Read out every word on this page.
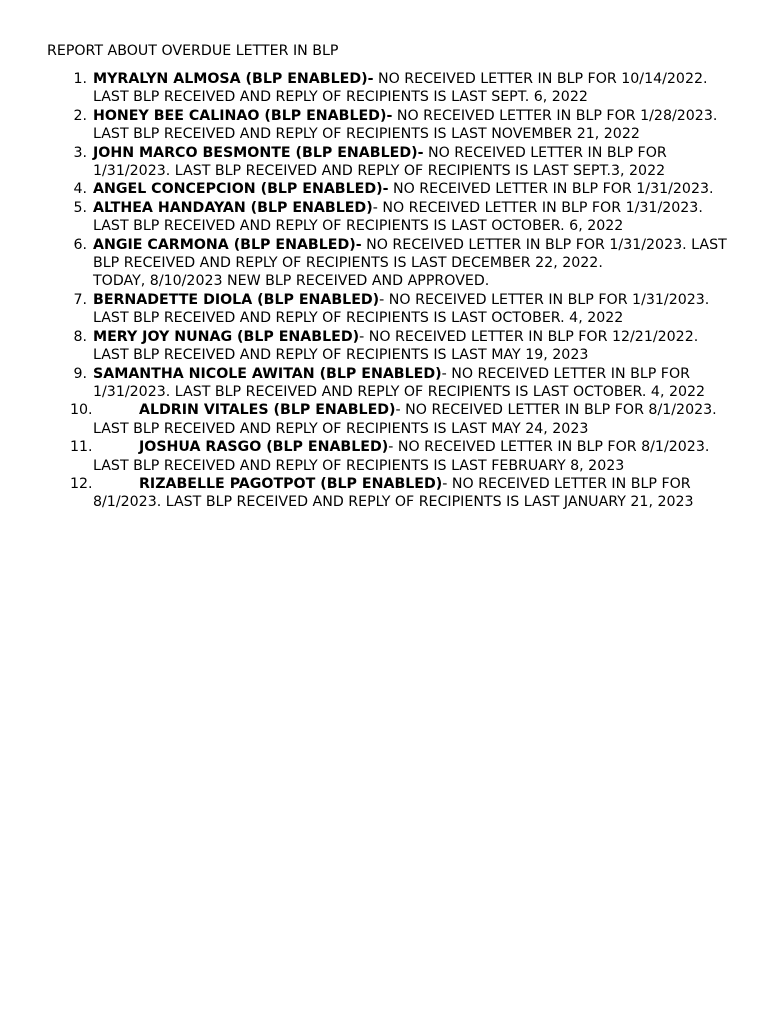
REPORT ABOUT OVERDUE LETTER IN BLP
1. MYRALYN ALMOSA (BLP ENABLED)- NO RECEIVED LETTER IN BLP FOR 10/14/2022. LAST BLP RECEIVED AND REPLY OF RECIPIENTS IS LAST SEPT. 6, 2022
2. HONEY BEE CALINAO (BLP ENABLED)- NO RECEIVED LETTER IN BLP FOR 1/28/2023. LAST BLP RECEIVED AND REPLY OF RECIPIENTS IS LAST NOVEMBER 21, 2022
3. JOHN MARCO BESMONTE (BLP ENABLED)- NO RECEIVED LETTER IN BLP FOR 1/31/2023. LAST BLP RECEIVED AND REPLY OF RECIPIENTS IS LAST SEPT.3, 2022
4. ANGEL CONCEPCION (BLP ENABLED)- NO RECEIVED LETTER IN BLP FOR 1/31/2023.
5. ALTHEA HANDAYAN (BLP ENABLED)- NO RECEIVED LETTER IN BLP FOR 1/31/2023. LAST BLP RECEIVED AND REPLY OF RECIPIENTS IS LAST OCTOBER. 6, 2022
6. ANGIE CARMONA (BLP ENABLED)- NO RECEIVED LETTER IN BLP FOR 1/31/2023. LAST BLP RECEIVED AND REPLY OF RECIPIENTS IS LAST DECEMBER 22, 2022.
TODAY, 8/10/2023 NEW BLP RECEIVED AND APPROVED.
7. BERNADETTE DIOLA (BLP ENABLED)- NO RECEIVED LETTER IN BLP FOR 1/31/2023. LAST BLP RECEIVED AND REPLY OF RECIPIENTS IS LAST OCTOBER. 4, 2022
8. MERY JOY NUNAG (BLP ENABLED)- NO RECEIVED LETTER IN BLP FOR 12/21/2022. LAST BLP RECEIVED AND REPLY OF RECIPIENTS IS LAST MAY 19, 2023
9. SAMANTHA NICOLE AWITAN (BLP ENABLED)- NO RECEIVED LETTER IN BLP FOR 1/31/2023. LAST BLP RECEIVED AND REPLY OF RECIPIENTS IS LAST OCTOBER. 4, 2022
10.	ALDRIN VITALES (BLP ENABLED)- NO RECEIVED LETTER IN BLP FOR 8/1/2023. LAST BLP RECEIVED AND REPLY OF RECIPIENTS IS LAST MAY 24, 2023
11.	JOSHUA RASGO (BLP ENABLED)- NO RECEIVED LETTER IN BLP FOR 8/1/2023. LAST BLP RECEIVED AND REPLY OF RECIPIENTS IS LAST FEBRUARY 8, 2023
12.	RIZABELLE PAGOTPOT (BLP ENABLED)- NO RECEIVED LETTER IN BLP FOR 8/1/2023. LAST BLP RECEIVED AND REPLY OF RECIPIENTS IS LAST JANUARY 21, 2023
